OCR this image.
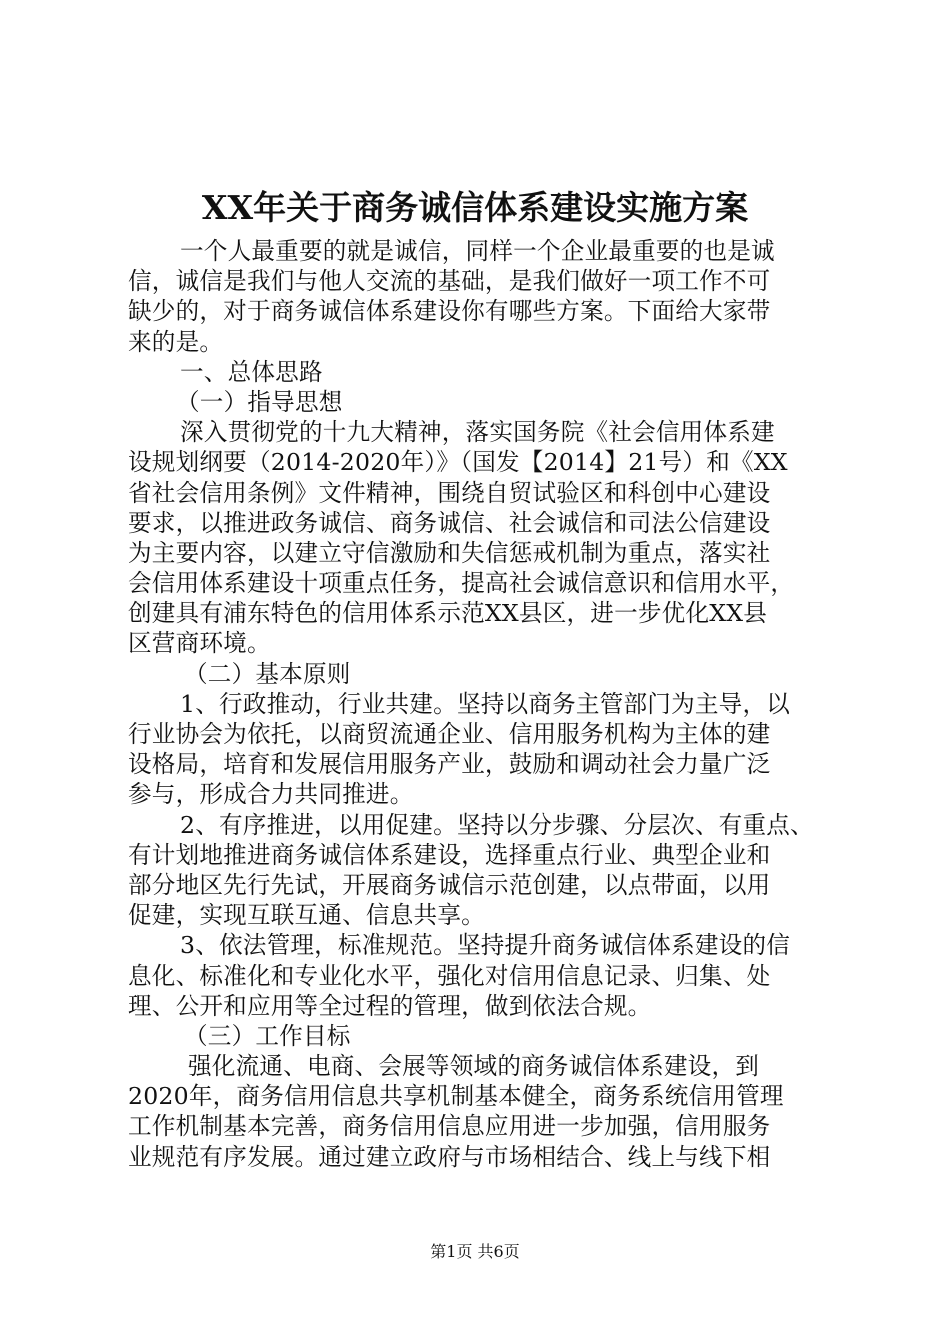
XX年关于商务诚信体系建设实施方案
一个人最重要的就是诚信，同样一个企业最重要的也是诚
信，诚信是我们与他人交流的基础，是我们做好一项工作不可
缺少的，对于商务诚信体系建设你有哪些方案。下面给大家带
来的是。
一、总体思路
（一）指导思想
深入贯彻党的十九大精神，落实国务院《社会信用体系建
设规划纲要（2014-2020年）》（国发【2014】21号）和《XX
省社会信用条例》文件精神，围绕自贸试验区和科创中心建设
要求，以推进政务诚信、商务诚信、社会诚信和司法公信建设
为主要内容，以建立守信激励和失信惩戒机制为重点，落实社
会信用体系建设十项重点任务，提高社会诚信意识和信用水平，
创建具有浦东特色的信用体系示范XX县区，进一步优化XX县
区营商环境。
（二）基本原则
1、行政推动，行业共建。坚持以商务主管部门为主导，以
行业协会为依托，以商贸流通企业、信用服务机构为主体的建
设格局，培育和发展信用服务产业，鼓励和调动社会力量广泛
参与，形成合力共同推进。
2、有序推进，以用促建。坚持以分步骤、分层次、有重点、
有计划地推进商务诚信体系建设，选择重点行业、典型企业和
部分地区先行先试，开展商务诚信示范创建，以点带面，以用
促建，实现互联互通、信息共享。
3、依法管理，标准规范。坚持提升商务诚信体系建设的信
息化、标准化和专业化水平，强化对信用信息记录、归集、处
理、公开和应用等全过程的管理，做到依法合规。
（三）工作目标
强化流通、电商、会展等领域的商务诚信体系建设，到
2020年，商务信用信息共享机制基本健全，商务系统信用管理
工作机制基本完善，商务信用信息应用进一步加强，信用服务
业规范有序发展。通过建立政府与市场相结合、线上与线下相
第1页 共6页
